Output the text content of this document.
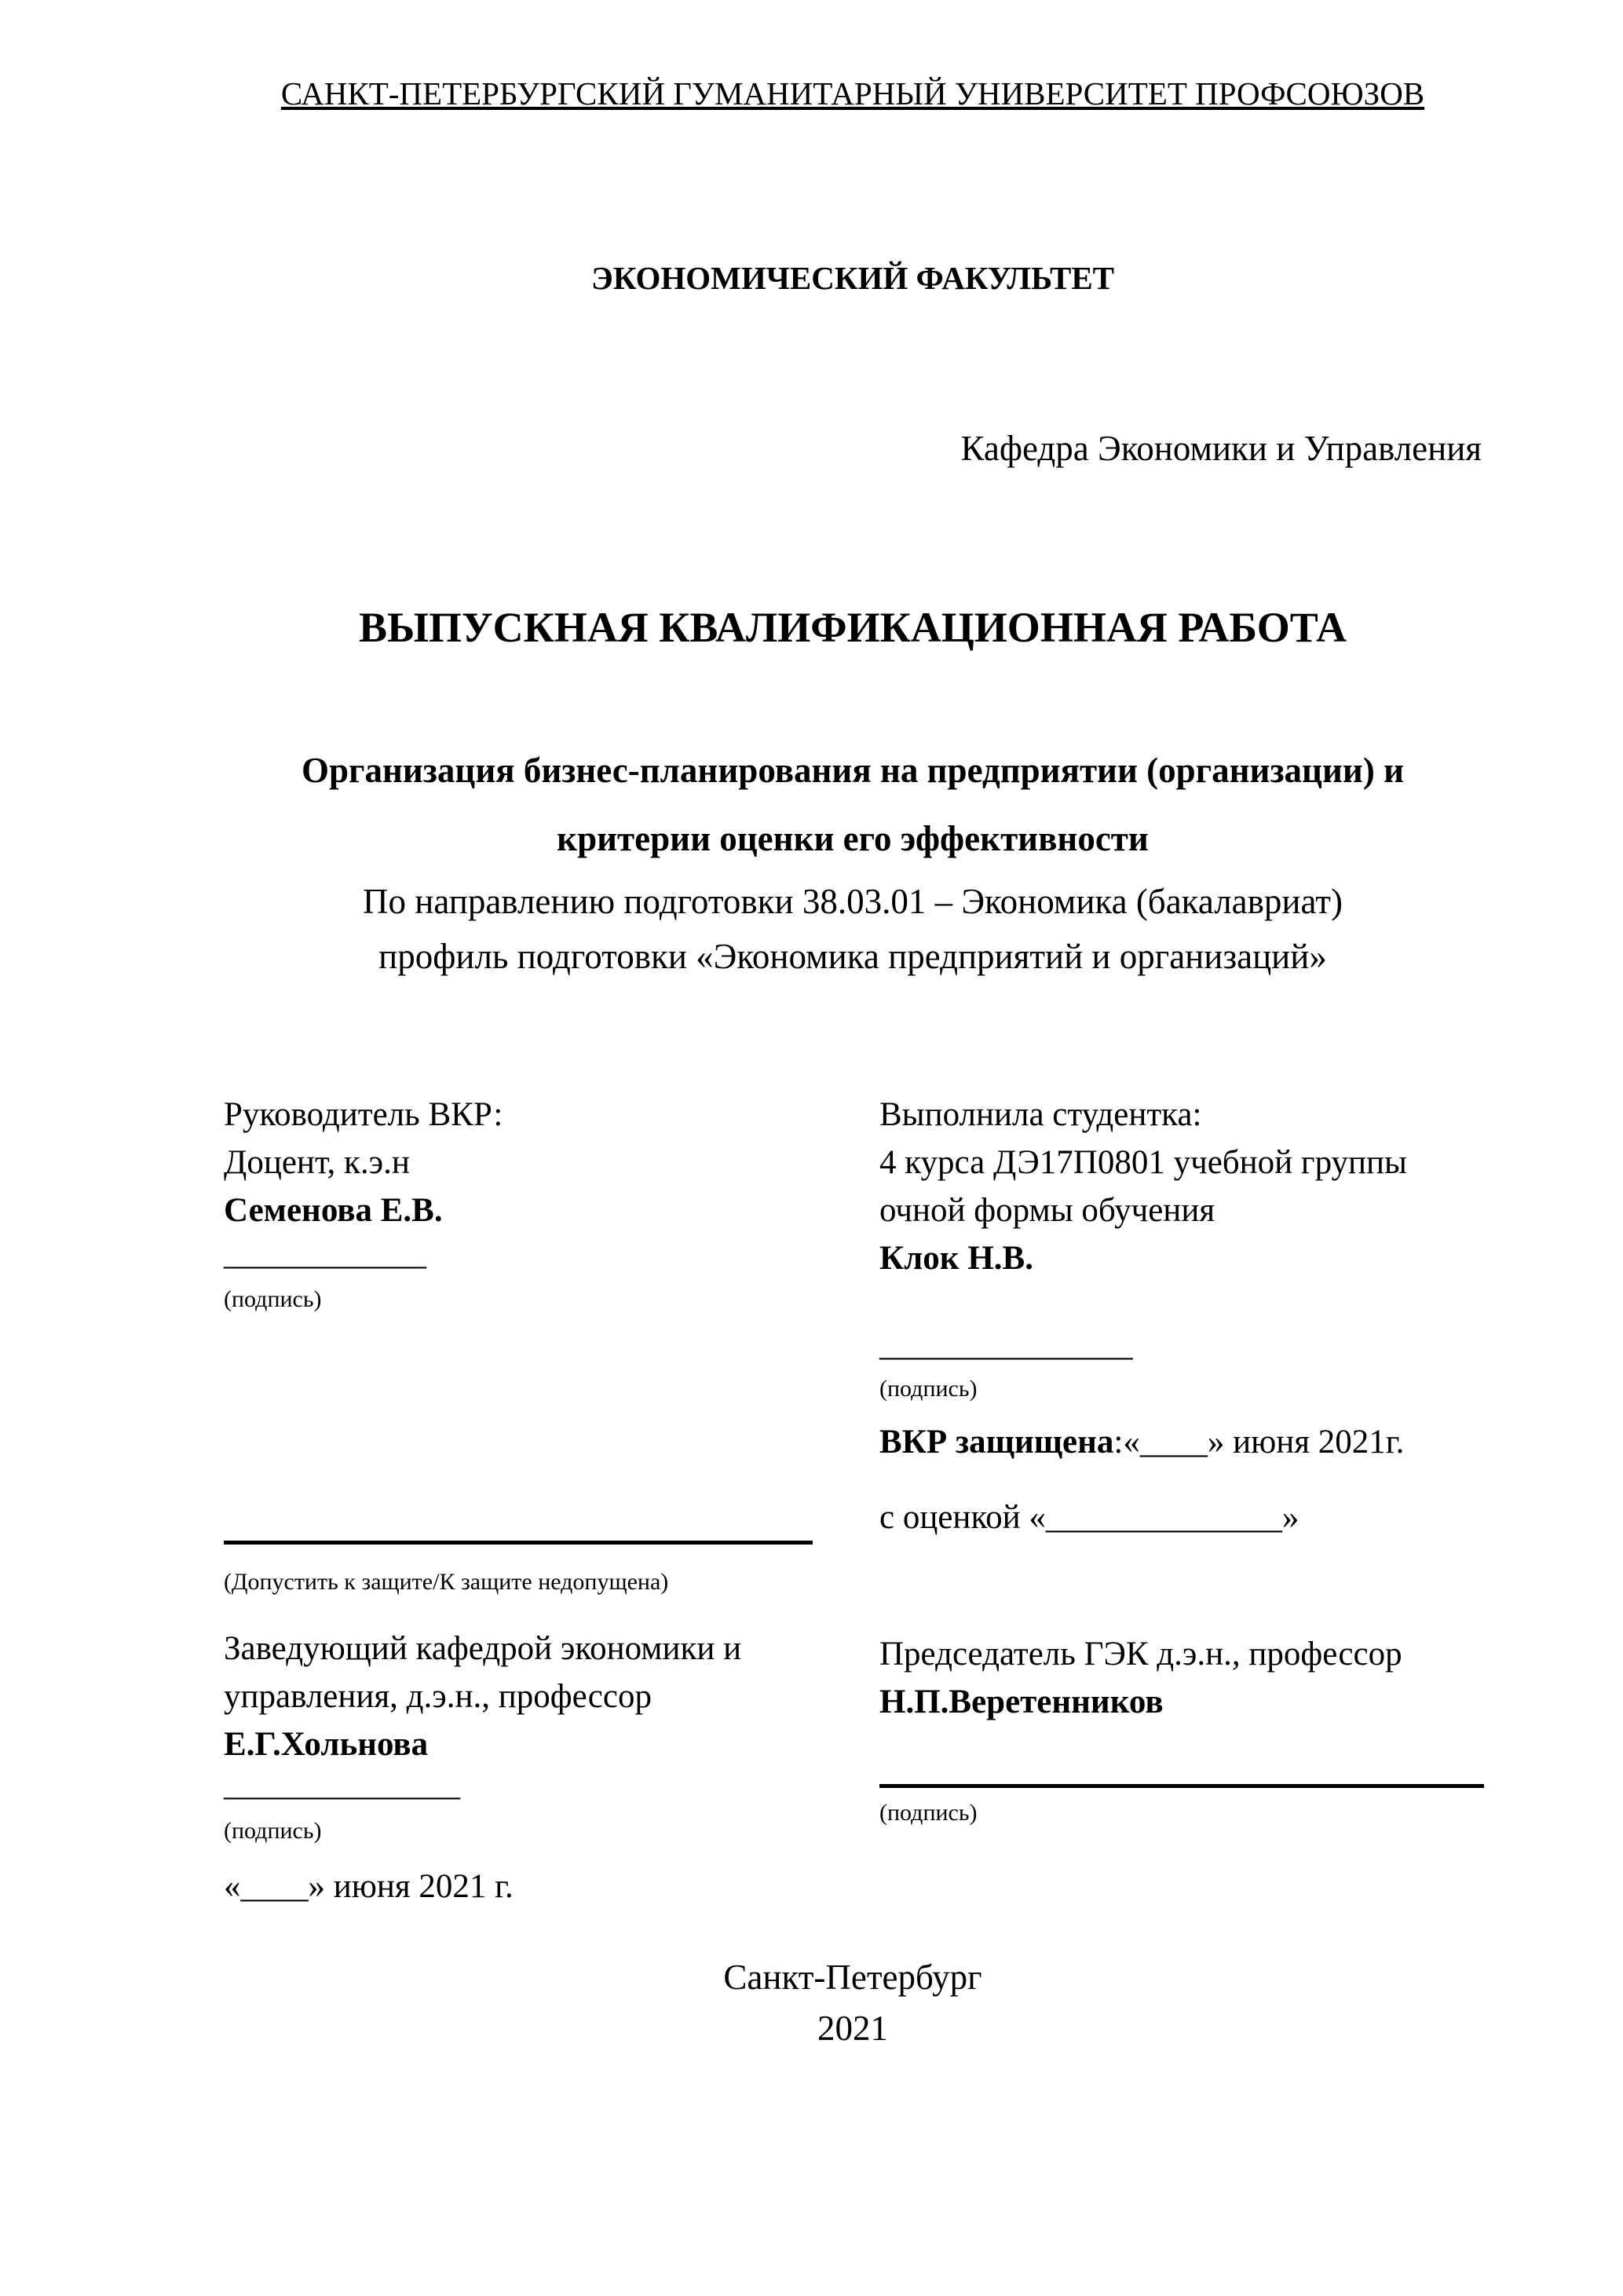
САНКТ-ПЕТЕРБУРГСКИЙ ГУМАНИТАРНЫЙ УНИВЕРСИТЕТ ПРОФСОЮЗОВ
ЭКОНОМИЧЕСКИЙ ФАКУЛЬТЕТ
Кафедра Экономики и Управления
ВЫПУСКНАЯ КВАЛИФИКАЦИОННАЯ РАБОТА
Организация бизнес-планирования на предприятии (организации) и
критерии оценки его эффективности
По направлению подготовки 38.03.01 – Экономика (бакалавриат)
профиль подготовки «Экономика предприятий и организаций»
Руководитель ВКР:
Доцент, к.э.н
Семенова Е.В.
____________
(подпись)
Выполнила студентка:
4 курса ДЭ17П0801 учебной группы
очной формы обучения
Клок Н.В.
_______________
(подпись)
ВКР защищена:«____» июня 2021г.
с оценкой «______________»
(Допустить к защите/К защите недопущена)
Заведующий кафедрой экономики и
управления, д.э.н., профессор
Е.Г.Хольнова
______________
(подпись)
«____» июня 2021 г.
Председатель ГЭК д.э.н., профессор
Н.П.Веретенников
(подпись)
Санкт-Петербург
2021
